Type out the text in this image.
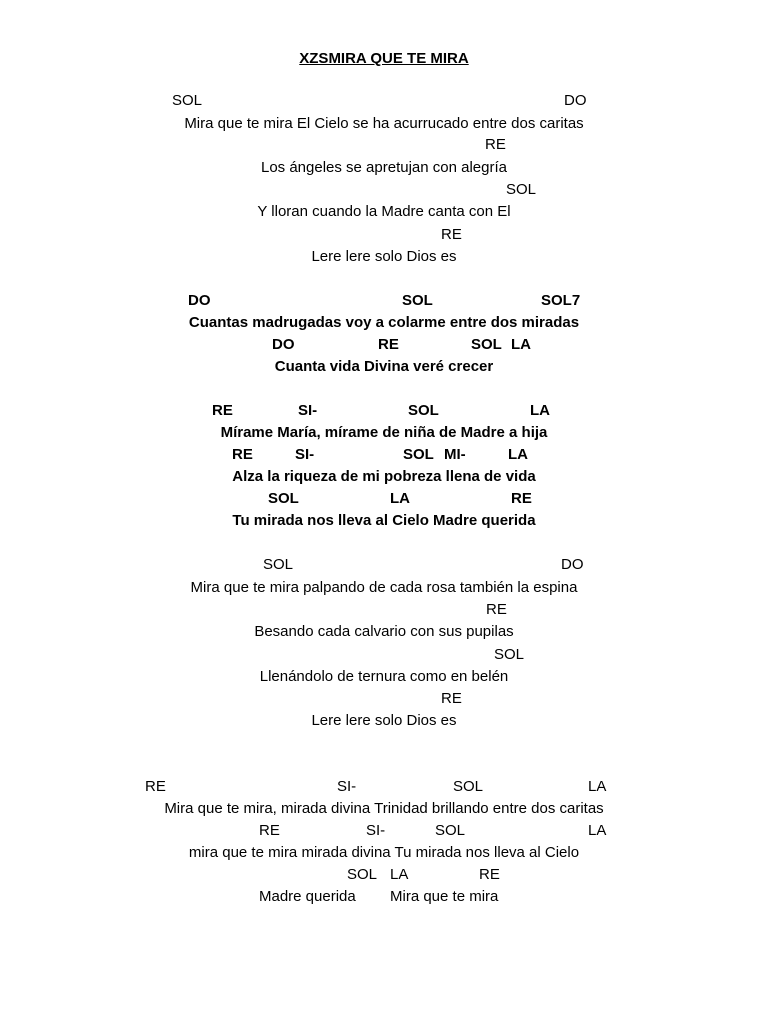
XZSMIRA QUE TE MIRA

SOL

	DO

Mira que te mira El Cielo se ha acurrucado entre dos caritas

RE

Los ángeles se apretujan con alegría

SOL

Y lloran cuando la Madre canta con El

RE

Lere lere solo Dios es

DO

	SOL

	SOL7

Cuantas madrugadas voy a colarme entre dos miradas

DO

	RE

	SOL

LA

Cuanta vida Divina veré crecer

RE

	SI-

	SOL

	LA

Mírame María, mírame de niña de Madre a hija

RE

	SI-

	SOL

MI-

	LA

Alza la riqueza de mi pobreza llena de vida

SOL

	LA

	RE

Tu mirada nos lleva al Cielo Madre querida

SOL

	DO

Mira que te mira palpando de cada rosa también la espina

RE

Besando cada calvario con sus pupilas

SOL

Llenándolo de ternura como en belén

RE

Lere lere solo Dios es

RE

	SI-

	SOL

	LA

Mira que te mira, mirada divina Trinidad brillando entre dos caritas

RE

	SI-

	SOL

	LA

mira que te mira mirada divina Tu mirada nos lleva al Cielo

SOL

LA

	RE

Madre querida

Mira que te mira
